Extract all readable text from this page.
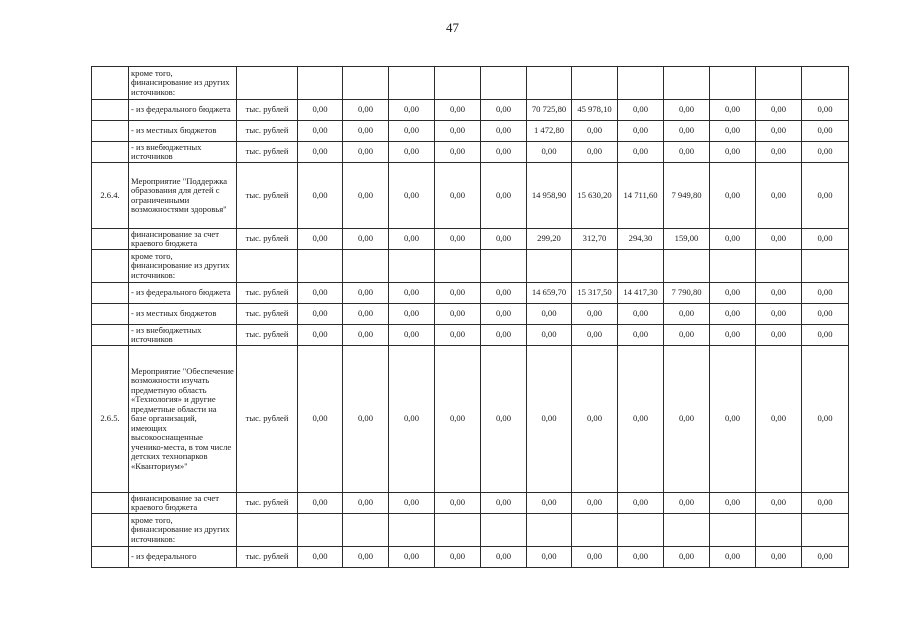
47
	кроме того, финансирование из других источников:													
	- из федерального бюджета	тыс. рублей	0,00	0,00	0,00	0,00	0,00	70 725,80	45 978,10	0,00	0,00	0,00	0,00	0,00
	- из местных бюджетов	тыс. рублей	0,00	0,00	0,00	0,00	0,00	1 472,80	0,00	0,00	0,00	0,00	0,00	0,00
	- из внебюджетных источников	тыс. рублей	0,00	0,00	0,00	0,00	0,00	0,00	0,00	0,00	0,00	0,00	0,00	0,00
2.6.4.	Мероприятие "Поддержка образования для детей с ограниченными возможностями здоровья"	тыс. рублей	0,00	0,00	0,00	0,00	0,00	14 958,90	15 630,20	14 711,60	7 949,80	0,00	0,00	0,00
	финансирование за счет краевого бюджета	тыс. рублей	0,00	0,00	0,00	0,00	0,00	299,20	312,70	294,30	159,00	0,00	0,00	0,00
	кроме того, финансирование из других источников:													
	- из федерального бюджета	тыс. рублей	0,00	0,00	0,00	0,00	0,00	14 659,70	15 317,50	14 417,30	7 790,80	0,00	0,00	0,00
	- из местных бюджетов	тыс. рублей	0,00	0,00	0,00	0,00	0,00	0,00	0,00	0,00	0,00	0,00	0,00	0,00
	- из внебюджетных источников	тыс. рублей	0,00	0,00	0,00	0,00	0,00	0,00	0,00	0,00	0,00	0,00	0,00	0,00
2.6.5.	Мероприятие "Обеспечение возможности изучать предметную область «Технология» и другие предметные области на базе организаций, имеющих высокооснащенные ученико-места, в том числе детских технопарков «Кванториум»"	тыс. рублей	0,00	0,00	0,00	0,00	0,00	0,00	0,00	0,00	0,00	0,00	0,00	0,00
	финансирование за счет краевого бюджета	тыс. рублей	0,00	0,00	0,00	0,00	0,00	0,00	0,00	0,00	0,00	0,00	0,00	0,00
	кроме того, финансирование из других источников:													
	- из федерального	тыс. рублей	0,00	0,00	0,00	0,00	0,00	0,00	0,00	0,00	0,00	0,00	0,00	0,00
